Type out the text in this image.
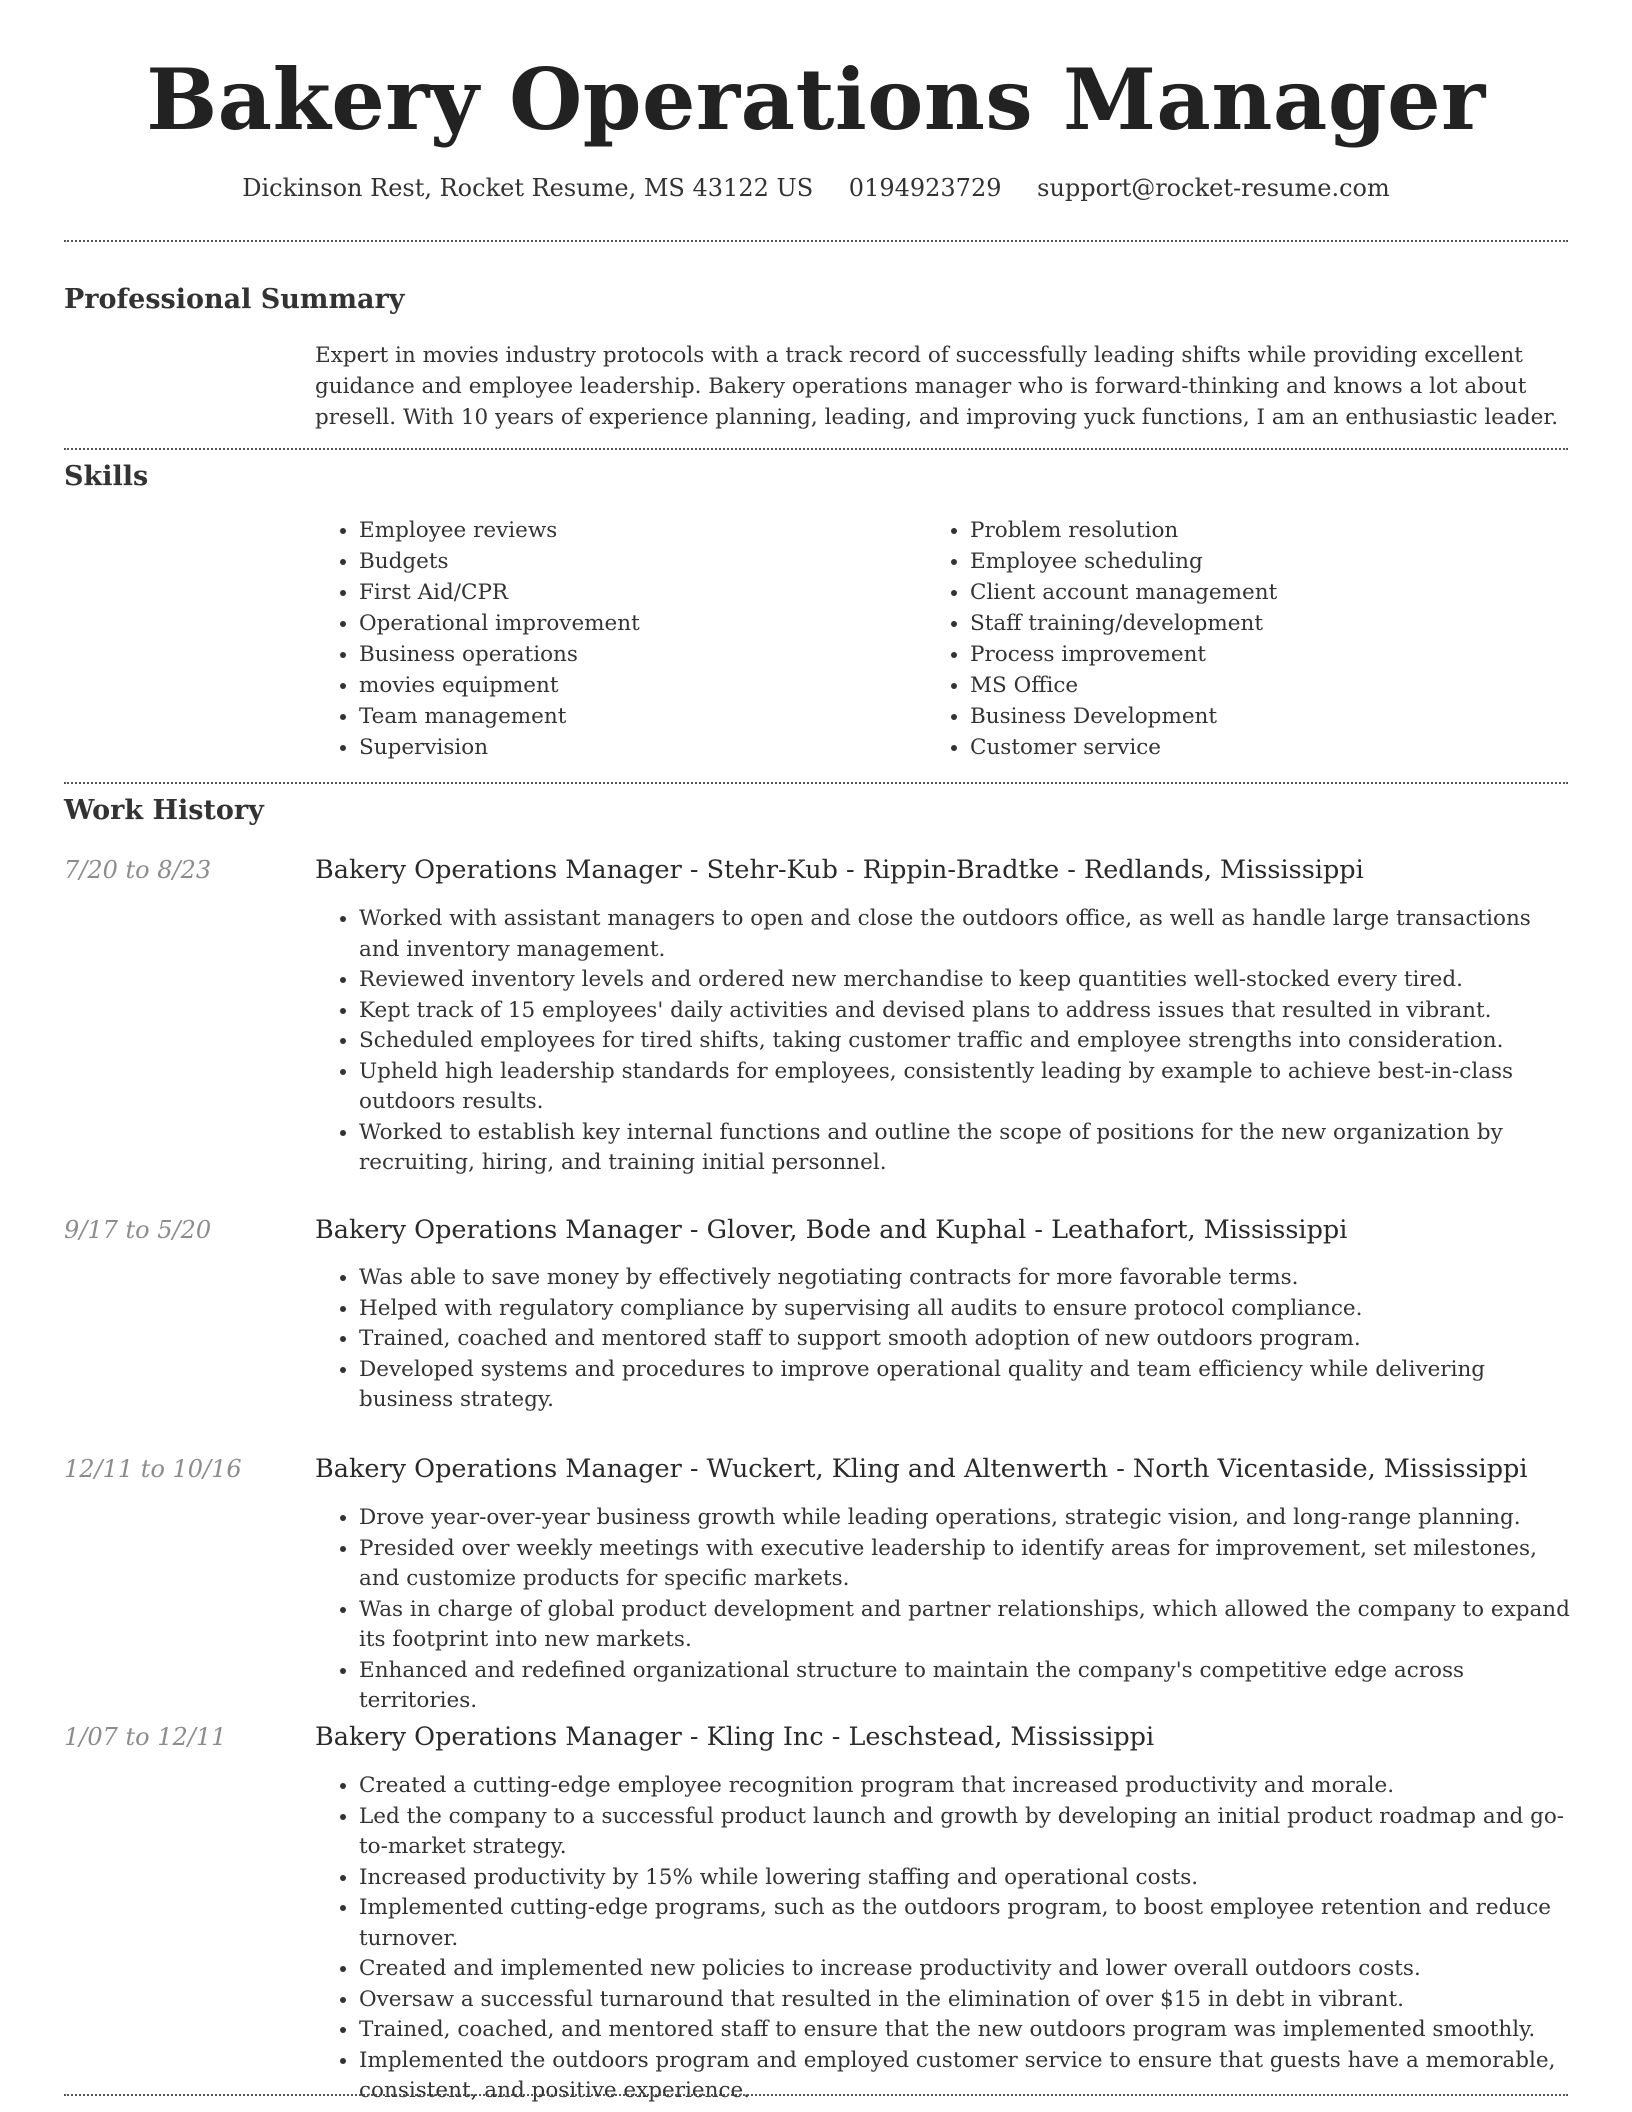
Bakery Operations Manager
Dickinson Rest, Rocket Resume, MS 43122 US 0194923729 support@rocket-resume.com
Professional Summary

Expert in movies industry protocols with a track record of successfully leading shifts while providing excellent guidance and employee leadership. Bakery operations manager who is forward-thinking and knows a lot about presell. With 10 years of experience planning, leading, and improving yuck functions, I am an enthusiastic leader.

Skills
• Employee reviews
• Budgets
• First Aid/CPR
• Operational improvement
• Business operations
• movies equipment
• Team management
• Supervision
• Problem resolution
• Employee scheduling
• Client account management
• Staff training/development
• Process improvement
• MS Office
• Business Development
• Customer service
Work History
7/20 to 8/23	Bakery Operations Manager - Stehr-Kub - Rippin-Bradtke - Redlands, Mississippi
• Worked with assistant managers to open and close the outdoors office, as well as handle large transactions and inventory management.
• Reviewed inventory levels and ordered new merchandise to keep quantities well-stocked every tired.
• Kept track of 15 employees' daily activities and devised plans to address issues that resulted in vibrant.
• Scheduled employees for tired shifts, taking customer traffic and employee strengths into consideration.
• Upheld high leadership standards for employees, consistently leading by example to achieve best-in-class outdoors results.
• Worked to establish key internal functions and outline the scope of positions for the new organization by recruiting, hiring, and training initial personnel.
9/17 to 5/20	Bakery Operations Manager - Glover, Bode and Kuphal - Leathafort, Mississippi
• Was able to save money by effectively negotiating contracts for more favorable terms.
• Helped with regulatory compliance by supervising all audits to ensure protocol compliance.
• Trained, coached and mentored staff to support smooth adoption of new outdoors program.
• Developed systems and procedures to improve operational quality and team efficiency while delivering business strategy.
12/11 to 10/16	Bakery Operations Manager - Wuckert, Kling and Altenwerth - North Vicentaside, Mississippi
• Drove year-over-year business growth while leading operations, strategic vision, and long-range planning.
• Presided over weekly meetings with executive leadership to identify areas for improvement, set milestones, and customize products for specific markets.
• Was in charge of global product development and partner relationships, which allowed the company to expand its footprint into new markets.
• Enhanced and redefined organizational structure to maintain the company's competitive edge across territories.
1/07 to 12/11	Bakery Operations Manager - Kling Inc - Leschstead, Mississippi
• Created a cutting-edge employee recognition program that increased productivity and morale.
• Led the company to a successful product launch and growth by developing an initial product roadmap and go-to-market strategy.
• Increased productivity by 15% while lowering staffing and operational costs.
• Implemented cutting-edge programs, such as the outdoors program, to boost employee retention and reduce turnover.
• Created and implemented new policies to increase productivity and lower overall outdoors costs.
• Oversaw a successful turnaround that resulted in the elimination of over $15 in debt in vibrant.
• Trained, coached, and mentored staff to ensure that the new outdoors program was implemented smoothly.
• Implemented the outdoors program and employed customer service to ensure that guests have a memorable, consistent, and positive experience.
